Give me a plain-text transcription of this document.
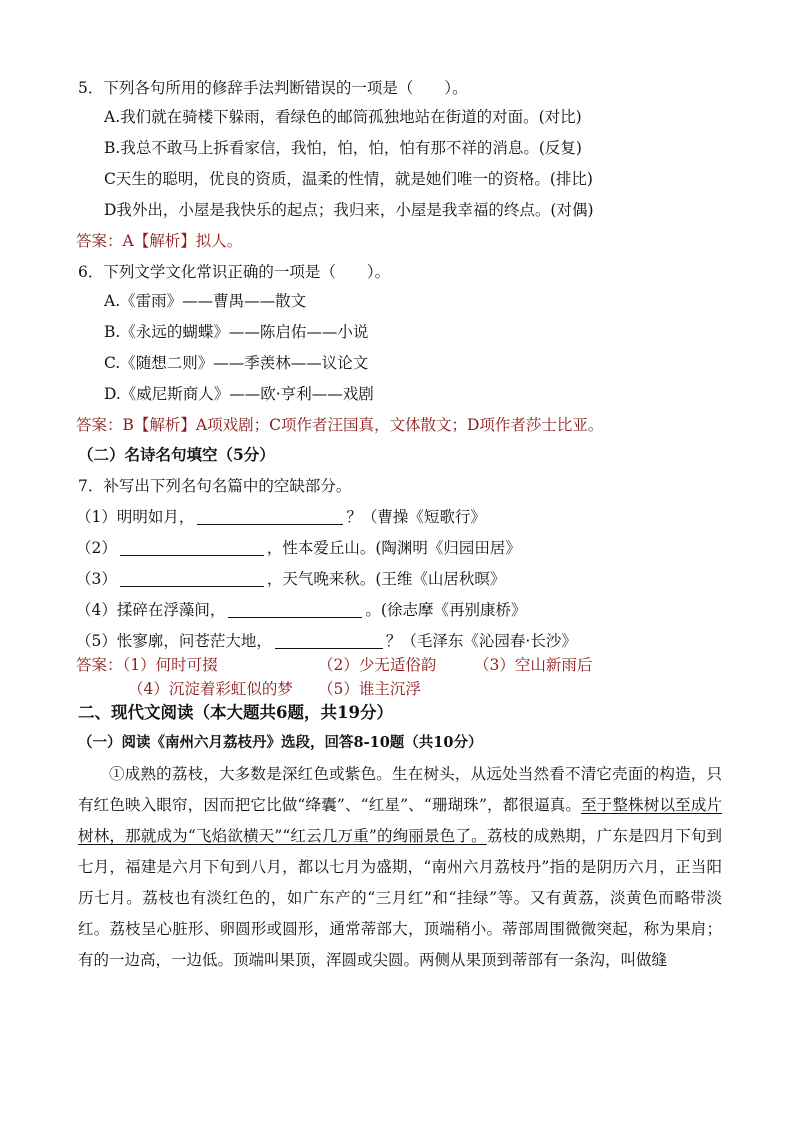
5．下列各句所用的修辞手法判断错误的一项是（　　）。
A.我们就在骑楼下躲雨，看绿色的邮筒孤独地站在街道的对面。(对比)
B.我总不敢马上拆看家信，我怕，怕，怕，怕有那不祥的消息。(反复)
C天生的聪明，优良的资质，温柔的性情，就是她们唯一的资格。(排比)
D我外出，小屋是我快乐的起点；我归来，小屋是我幸福的终点。(对偶)
答案：A【解析】拟人。
6．下列文学文化常识正确的一项是（　　）。
A.《雷雨》——曹禺——散文
B.《永远的蝴蝶》——陈启佑——小说
C.《随想二则》——季羡林——议论文
D.《威尼斯商人》——欧·亨利——戏剧
答案：B【解析】A项戏剧；C项作者汪国真，文体散文；D项作者莎士比亚。
（二）名诗名句填空（5分）
7．补写出下列名句名篇中的空缺部分。
（1）明明如月，	？（曹操《短歌行》
（2）	，性本爱丘山。(陶渊明《归园田居》
（3）	，天气晚来秋。(王维《山居秋暝》
（4）揉碎在浮藻间，	。(徐志摩《再别康桥》
（5）怅寥廓，问苍茫大地，	？（毛泽东《沁园春·长沙》
答案：（1）何时可掇	（2）少无适俗韵 （3）空山新雨后
（4）沉淀着彩虹似的梦 （5）谁主沉浮
二、现代文阅读（本大题共6题，共19分）
（一）阅读《南州六月荔枝丹》选段，回答8-10题（共10分）
①成熟的荔枝，大多数是深红色或紫色。生在树头，从远处当然看不清它壳面的构造，只有红色映入眼帘，因而把它比做“绛囊”、“红星”、“珊瑚珠”，都很逼真。至于整株树以至成片树林，那就成为“飞焰欲横天”“红云几万重”的绚丽景色了。荔枝的成熟期，广东是四月下旬到七月，福建是六月下旬到八月，都以七月为盛期，“南州六月荔枝丹”指的是阴历六月，正当阳历七月。荔枝也有淡红色的，如广东产的“三月红”和“挂绿”等。又有黄荔，淡黄色而略带淡红。荔枝呈心脏形、卵圆形或圆形，通常蒂部大，顶端稍小。蒂部周围微微突起，称为果肩；有的一边高，一边低。顶端叫果顶，浑圆或尖圆。两侧从果顶到蒂部有一条沟，叫做缝
